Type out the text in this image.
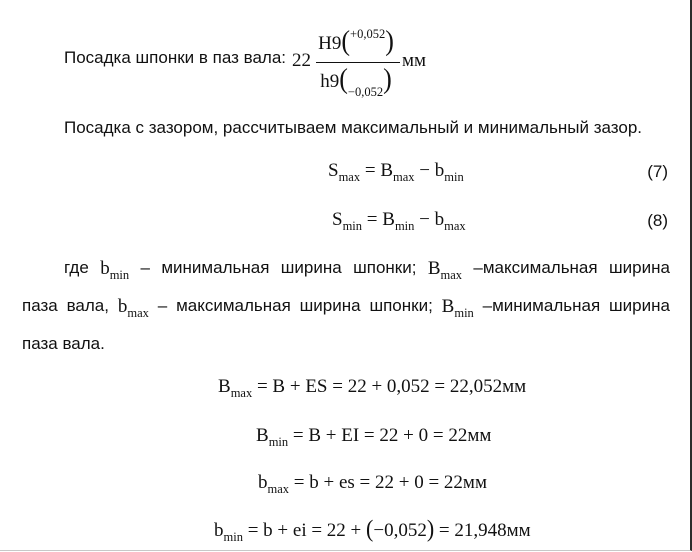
Посадка шпонки в паз вала: 22
H9($^{+0,052}$)
$h9(_{-0,052})$
мм
Посадка с зазором, рассчитываем максимальный и минимальный зазор.
$S_{max} = B_{max} - b_{min}$	(7)
$S_{min} = B_{min} - b_{max}$	(8)
где $b_{min}$ – минимальная ширина шпонки; $B_{max}$ –максимальная ширина
паза вала, $b_{max}$ – максимальная ширина шпонки; $B_{min}$ –минимальная ширина
паза вала.
$B_{max} = B$ + ES = 22 + 0,052 = 22,052мм
$B_{min} = B$ + EI = 22 + 0 = 22мм
$b_{max} = b$ + es = 22 + 0 = 22мм
$b_{min} = b$ + ei = 22 + (−0,052) = 21,948мм
